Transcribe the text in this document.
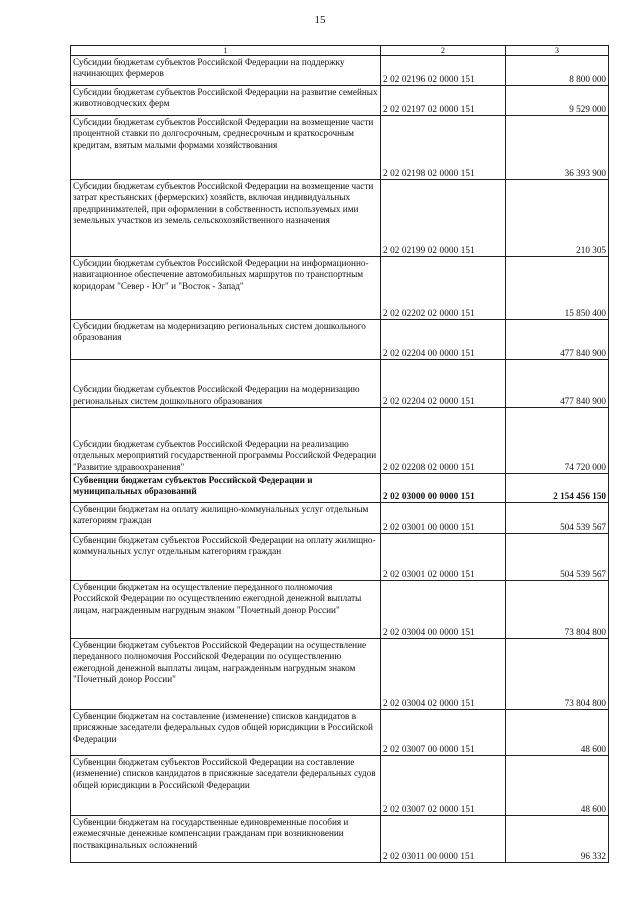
15
1	2	3
Субсидии бюджетам субъектов Российской Федерации на поддержку начинающих фермеров	2 02 02196 02 0000 151	8 800 000
Субсидии бюджетам субъектов Российской Федерации на развитие семейных животноводческих ферм	2 02 02197 02 0000 151	9 529 000
Субсидии бюджетам субъектов Российской Федерации на возмещение части процентной ставки по долгосрочным, среднесрочным и краткосрочным кредитам, взятым малыми формами хозяйствования	2 02 02198 02 0000 151	36 393 900
Субсидии бюджетам субъектов Российской Федерации на возмещение части затрат крестьянских (фермерских) хозяйств, включая индивидуальных предпринимателей, при оформлении в собственность используемых ими земельных участков из земель сельскохозяйственного назначения	2 02 02199 02 0000 151	210 305
Субсидии бюджетам субъектов Российской Федерации на информационно-навигационное обеспечение автомобильных маршрутов по транспортным коридорам "Север - Юг" и "Восток - Запад"	2 02 02202 02 0000 151	15 850 400
Субсидии бюджетам на модернизацию региональных систем дошкольного образования	2 02 02204 00 0000 151	477 840 900
Субсидии бюджетам субъектов Российской Федерации на модернизацию региональных систем дошкольного образования	2 02 02204 02 0000 151	477 840 900
Субсидии бюджетам субъектов Российской Федерации на реализацию отдельных мероприятий государственной программы Российской Федерации "Развитие здравоохранения"	2 02 02208 02 0000 151	74 720 000
Субвенции бюджетам субъектов Российской Федерации и муниципальных образований	2 02 03000 00 0000 151	2 154 456 150
Субвенции бюджетам на оплату жилищно-коммунальных услуг отдельным категориям граждан	2 02 03001 00 0000 151	504 539 567
Субвенции бюджетам субъектов Российской Федерации на оплату жилищно-коммунальных услуг отдельным категориям граждан	2 02 03001 02 0000 151	504 539 567
Субвенции бюджетам на осуществление переданного полномочия Российской Федерации по осуществлению ежегодной денежной выплаты лицам, награжденным нагрудным знаком "Почетный донор России"	2 02 03004 00 0000 151	73 804 800
Субвенции бюджетам субъектов Российской Федерации на осуществление переданного полномочия Российской Федерации по осуществлению ежегодной денежной выплаты лицам, награжденным нагрудным знаком "Почетный донор России"	2 02 03004 02 0000 151	73 804 800
Субвенции бюджетам на составление (изменение) списков кандидатов в присяжные заседатели федеральных судов общей юрисдикции в Российской Федерации	2 02 03007 00 0000 151	48 600
Субвенции бюджетам субъектов Российской Федерации на составление (изменение) списков кандидатов в присяжные заседатели федеральных судов общей юрисдикции в Российской Федерации	2 02 03007 02 0000 151	48 600
Субвенции бюджетам на государственные единовременные пособия и ежемесячные денежные компенсации гражданам при возникновении поствакцинальных осложнений	2 02 03011 00 0000 151	96 332
